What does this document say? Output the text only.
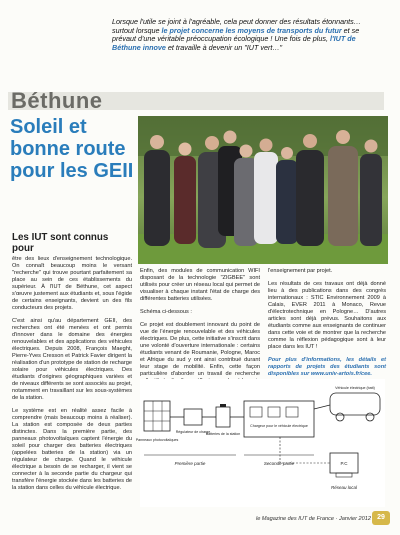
Lorsque l'utile se joint à l'agréable, cela peut donner des résultats étonnants… surtout lorsque le projet concerne les moyens de transports du futur et se prévaut d'une véritable préoccupation écologique ! Une fois de plus, l'IUT de Béthune innove et travaille à devenir un "IUT vert…"

Béthune
Soleil et bonne route pour les GEII
Les IUT sont connus pour

être des lieux d'enseignement technologique. On connaît beaucoup moins le versant "recherche" qui trouve pourtant parfaitement sa place au sein de ces établissements du supérieur. À l'IUT de Béthune, cet aspect s'œuvre justement aux étudiants et, sous l'égide de certains enseignants, devient un des fils conducteurs des projets.

C'est ainsi qu'au département GEII, des recherches ont été menées et ont permis d'innover dans le domaine des énergies renouvelables et des applications des véhicules électriques. Depuis 2008, François Maeght, Pierre-Yves Cresson et Patrick Favier dirigent la réalisation d'un prototype de station de recharge solaire pour véhicules électriques. Des étudiants d'origines géographiques variées et de niveaux différents se sont associés au projet, notamment en travaillant sur les sous-systèmes de la station.

Le système est en réalité assez facile à comprendre (mais beaucoup moins à réaliser). La station est composée de deux parties distinctes. Dans la première partie, des panneaux photovoltaïques captent l'énergie du soleil pour charger des batteries électriques (appelées batteries de la station) via un régulateur de charge. Quand le véhicule électrique a besoin de se recharger, il vient se connecter à la seconde partie du chargeur qui transfère l'énergie stockée dans les batteries de la station dans celles du véhicule électrique.

Enfin, des modules de communication WIFI disposant de la technologie "ZIGBEE" sont utilisés pour créer un réseau local qui permet de visualiser à chaque instant l'état de charge des différentes batteries utilisées.

Schéma ci-dessous :

Ce projet est doublement innovant du point de vue de l'énergie renouvelable et des véhicules électriques. De plus, cette initiative s'inscrit dans une volonté d'ouverture internationale : certains étudiants venant de Roumanie, Pologne, Maroc et Afrique du sud y ont ainsi contribué durant leur stage de mobilité. Enfin, cette façon particulière d'aborder un travail de recherche

l'enseignement par projet.

Les résultats de ces travaux ont déjà donné lieu à des publications dans des congrès internationaux : STIC Environnement 2009 à Calais, EVER 2011 à Monaco, Revue d'électrotechnique en Pologne… D'autres articles sont déjà prévus. Souhaitons aux étudiants comme aux enseignants de continuer dans cette voie et de montrer que la recherche comme la réflexion pédagogique sont à leur place dans les IUT !

Pour plus d'informations, les détails et rapports de projets des étudiants sont disponibles sur www.univ-artois.fr/cee.

Panneaux photovoltaïques
Régulateur de charge
Batteries de la station
Chargeur pour le véhicule électrique
Véhicule électrique (batt)
P.C
Première partie	Seconde partie
Réseau local
le Magazine des IUT de France · Janvier 2012 29
